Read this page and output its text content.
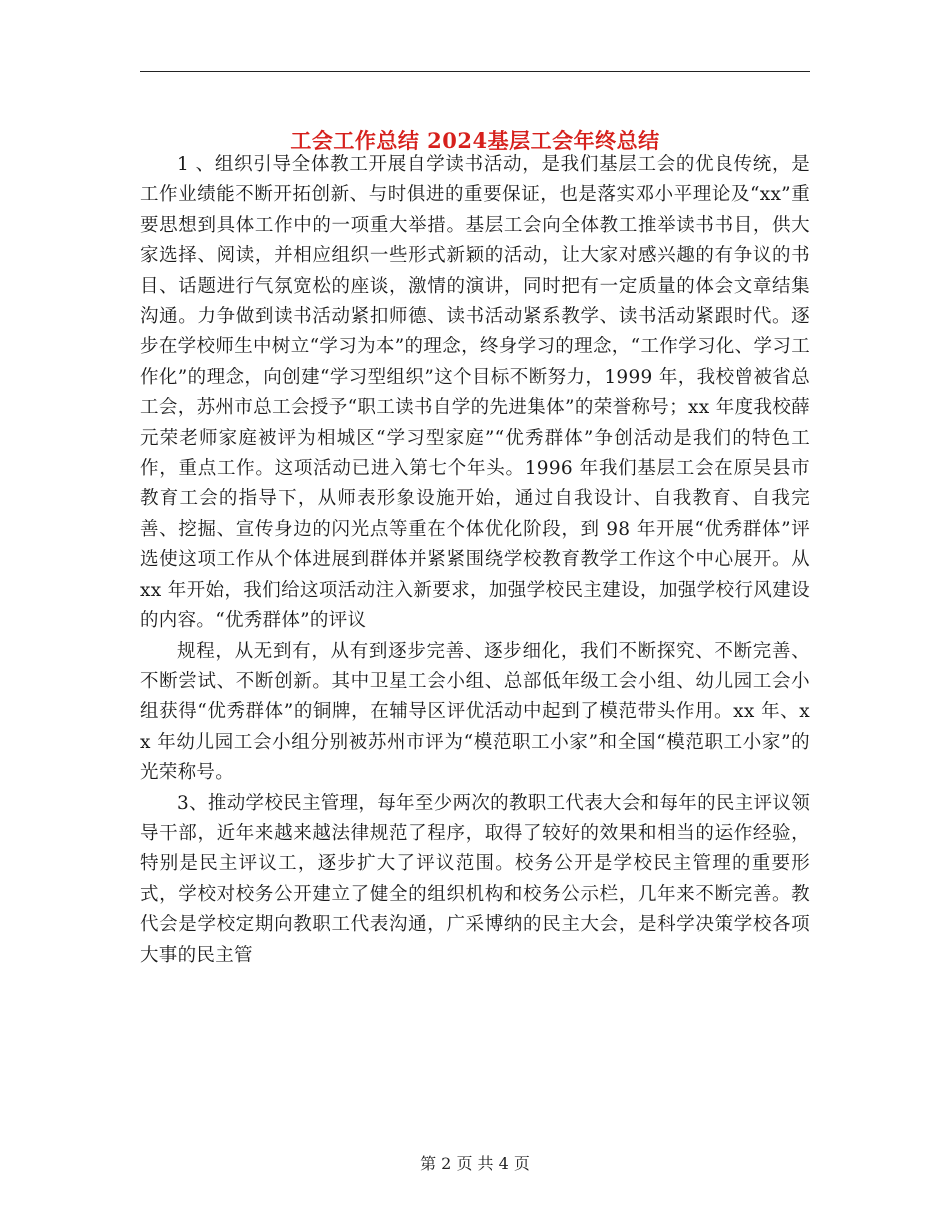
工会工作总结 2024基层工会年终总结

1 、组织引导全体教工开展自学读书活动，是我们基层工会的优良传统，是工作业绩能不断开拓创新、与时俱进的重要保证，也是落实邓小平理论及“xx”重要思想到具体工作中的一项重大举措。基层工会向全体教工推举读书书目，供大家选择、阅读，并相应组织一些形式新颖的活动，让大家对感兴趣的有争议的书目、话题进行气氛宽松的座谈，激情的演讲，同时把有一定质量的体会文章结集沟通。力争做到读书活动紧扣师德、读书活动紧系教学、读书活动紧跟时代。逐步在学校师生中树立“学习为本”的理念，终身学习的理念，“工作学习化、学习工作化”的理念，向创建“学习型组织”这个目标不断努力，1999 年，我校曾被省总工会，苏州市总工会授予“职工读书自学的先进集体”的荣誉称号；xx 年度我校薛元荣老师家庭被评为相城区“学习型家庭”“优秀群体”争创活动是我们的特色工作，重点工作。这项活动已进入第七个年头。1996 年我们基层工会在原吴县市教育工会的指导下，从师表形象设施开始，通过自我设计、自我教育、自我完善、挖掘、宣传身边的闪光点等重在个体优化阶段，到 98 年开展“优秀群体”评选使这项工作从个体进展到群体并紧紧围绕学校教育教学工作这个中心展开。从 xx 年开始，我们给这项活动注入新要求，加强学校民主建设，加强学校行风建设的内容。“优秀群体”的评议

规程，从无到有，从有到逐步完善、逐步细化，我们不断探究、不断完善、不断尝试、不断创新。其中卫星工会小组、总部低年级工会小组、幼儿园工会小组获得“优秀群体”的铜牌，在辅导区评优活动中起到了模范带头作用。xx 年、xx 年幼儿园工会小组分别被苏州市评为“模范职工小家”和全国“模范职工小家”的光荣称号。

3、推动学校民主管理，每年至少两次的教职工代表大会和每年的民主评议领导干部，近年来越来越法律规范了程序，取得了较好的效果和相当的运作经验，特别是民主评议工，逐步扩大了评议范围。校务公开是学校民主管理的重要形式，学校对校务公开建立了健全的组织机构和校务公示栏，几年来不断完善。教代会是学校定期向教职工代表沟通，广采博纳的民主大会，是科学决策学校各项大事的民主管

第 2 页 共 4 页
